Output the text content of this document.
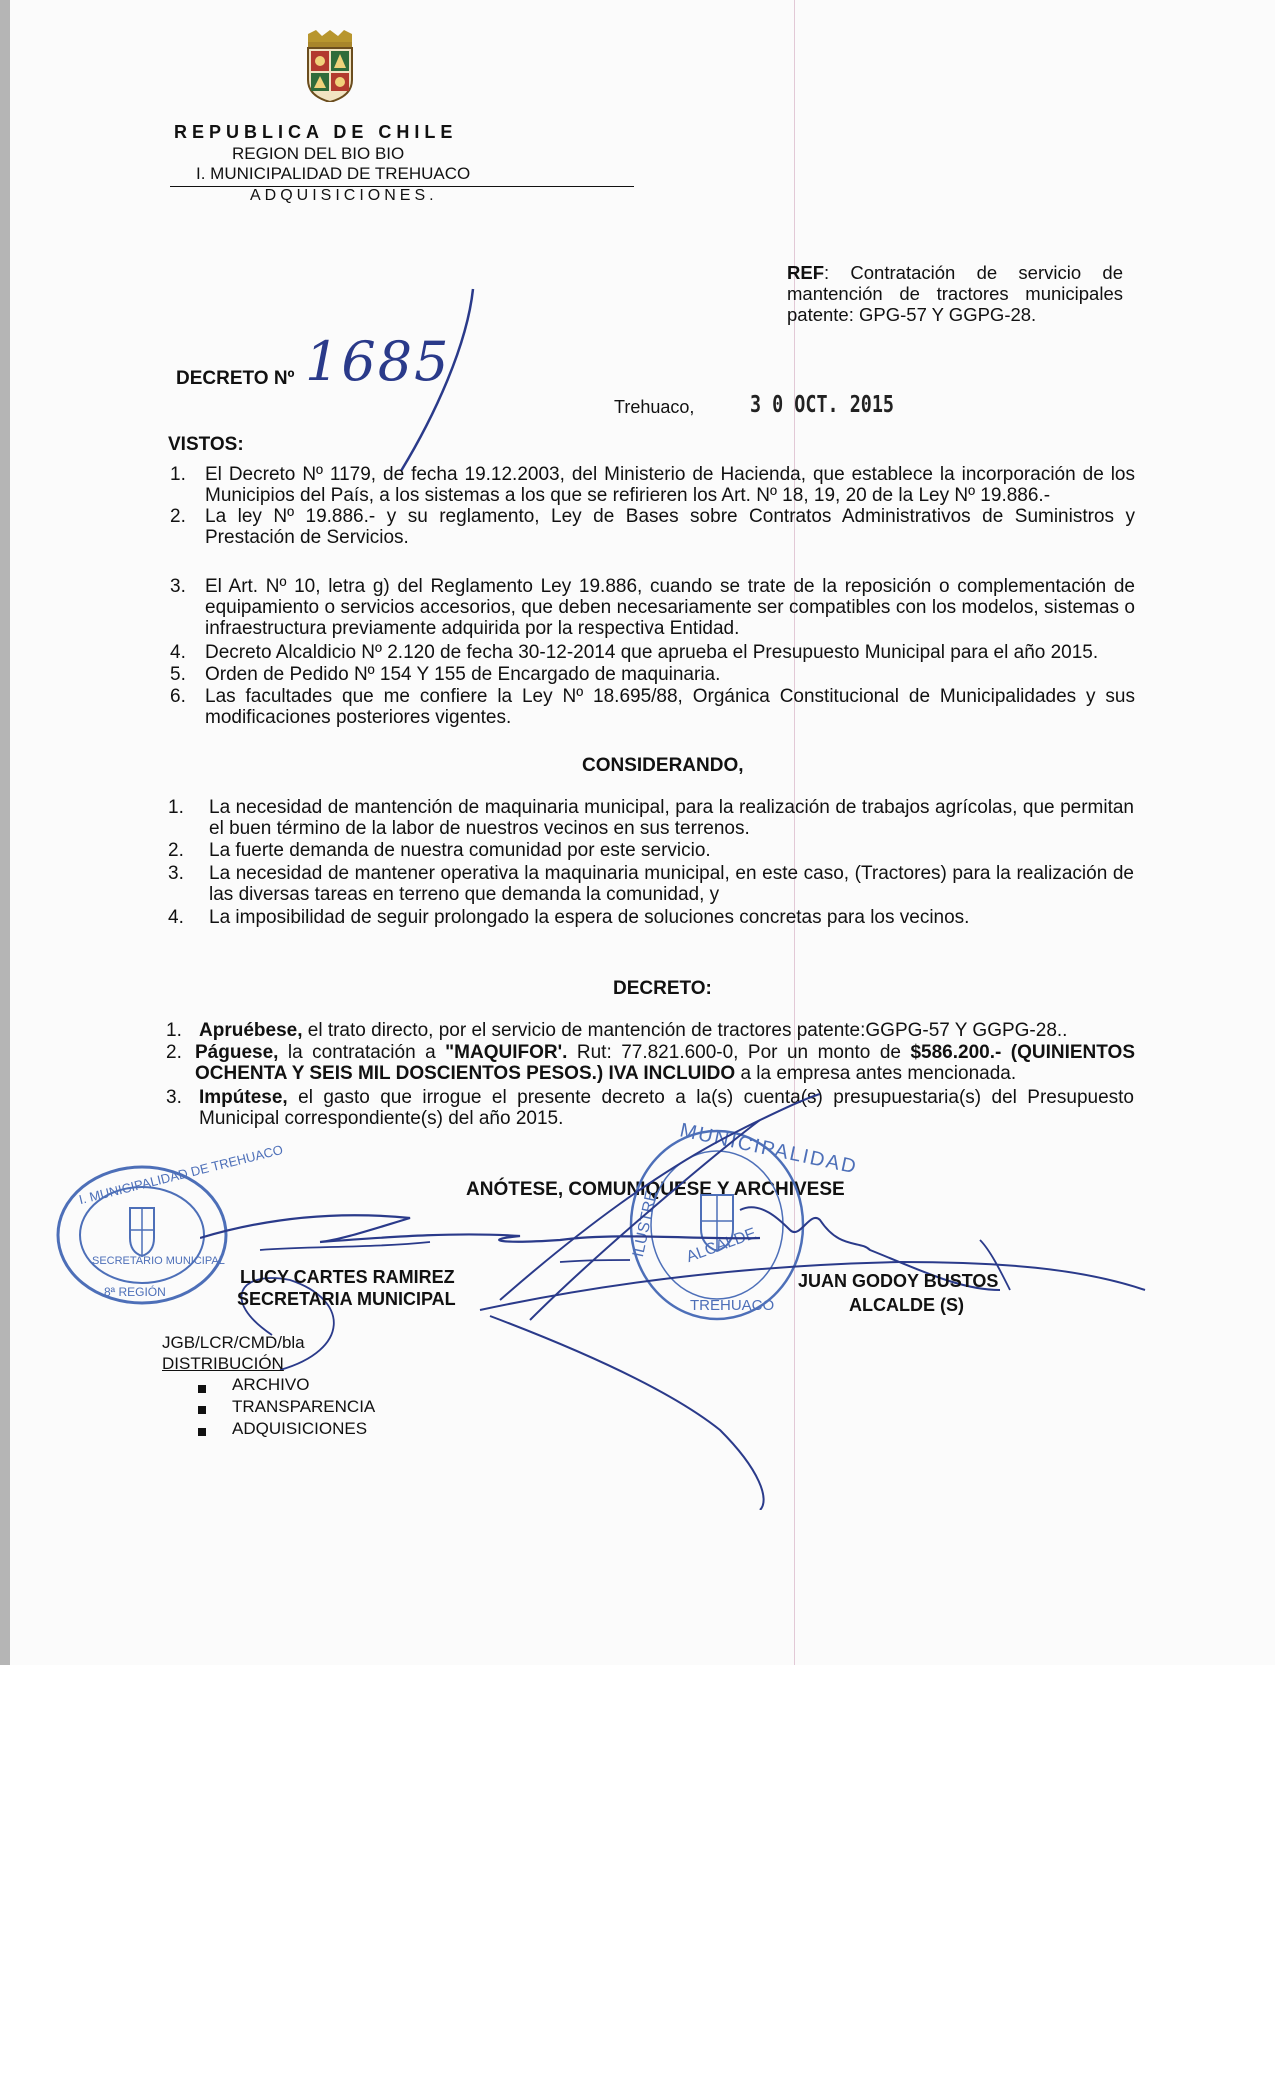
REPUBLICA DE CHILE
REGION DEL BIO BIO
I. MUNICIPALIDAD DE TREHUACO
ADQUISICIONES.
REF: Contratación de servicio de mantención de tractores municipales patente: GPG-57 Y GGPG-28.
DECRETO Nº 1685
Trehuaco, 3 0 OCT. 2015
VISTOS:
1.	El Decreto Nº 1179, de fecha 19.12.2003, del Ministerio de Hacienda, que establece la incorporación de los Municipios del País, a los sistemas a los que se refirieren los Art. Nº 18, 19, 20 de la Ley Nº 19.886.-
2.	La ley Nº 19.886.- y su reglamento, Ley de Bases sobre Contratos Administrativos de Suministros y Prestación de Servicios.
3.	El Art. Nº 10, letra g) del Reglamento Ley 19.886, cuando se trate de la reposición o complementación de equipamiento o servicios accesorios, que deben necesariamente ser compatibles con los modelos, sistemas o infraestructura previamente adquirida por la respectiva Entidad.
4.	Decreto Alcaldicio Nº 2.120 de fecha 30-12-2014 que aprueba el Presupuesto Municipal para el año 2015.
5.	Orden de Pedido Nº 154 Y 155 de Encargado de maquinaria.
6.	Las facultades que me confiere la Ley Nº 18.695/88, Orgánica Constitucional de Municipalidades y sus modificaciones posteriores vigentes.
CONSIDERANDO,
1.	La necesidad de mantención de maquinaria municipal, para la realización de trabajos agrícolas, que permitan el buen término de la labor de nuestros vecinos en sus terrenos.
2.	La fuerte demanda de nuestra comunidad por este servicio.
3.	La necesidad de mantener operativa la maquinaria municipal, en este caso, (Tractores) para la realización de las diversas tareas en terreno que demanda la comunidad, y
4.	La imposibilidad de seguir prolongado la espera de soluciones concretas para los vecinos.
DECRETO:
1. Apruébese, el trato directo, por el servicio de mantención de tractores patente:GGPG-57 Y GGPG-28..
2. Páguese, la contratación a "MAQUIFOR'. Rut: 77.821.600-0, Por un monto de $586.200.- (QUINIENTOS OCHENTA Y SEIS MIL DOSCIENTOS PESOS.) IVA INCLUIDO a la empresa antes mencionada.
3. Impútese, el gasto que irrogue el presente decreto a la(s) cuenta(s) presupuestaria(s) del Presupuesto Municipal correspondiente(s) del año 2015.
ANÓTESE, COMUNIQUESE Y ARCHIVESE
I. MUNICIPALIDAD DE TREHUACO
SECRETARIO MUNICIPAL
8ª REGIÓN
MUNICIPALIDAD
ILUSTRE ALCALDE
TREHUACO
LUCY CARTES RAMIREZ
SECRETARIA MUNICIPAL
JUAN GODOY BUSTOS
ALCALDE (S)
JGB/LCR/CMD/bla
DISTRIBUCIÓN
ARCHIVO
TRANSPARENCIA
ADQUISICIONES
